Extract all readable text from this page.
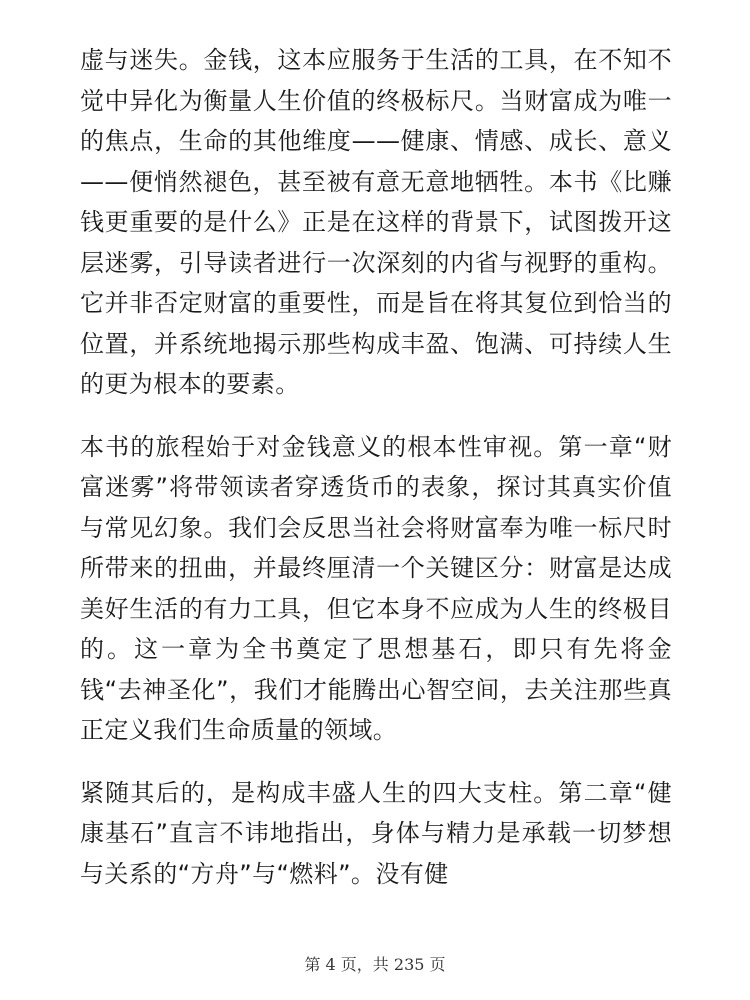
虚与迷失。金钱，这本应服务于生活的工具，在不知不觉中异化为衡量人生价值的终极标尺。当财富成为唯一的焦点，生命的其他维度——健康、情感、成长、意义——便悄然褪色，甚至被有意无意地牺牲。本书《比赚钱更重要的是什么》正是在这样的背景下，试图拨开这层迷雾，引导读者进行一次深刻的内省与视野的重构。它并非否定财富的重要性，而是旨在将其复位到恰当的位置，并系统地揭示那些构成丰盈、饱满、可持续人生的更为根本的要素。

本书的旅程始于对金钱意义的根本性审视。第一章“财富迷雾”将带领读者穿透货币的表象，探讨其真实价值与常见幻象。我们会反思当社会将财富奉为唯一标尺时所带来的扭曲，并最终厘清一个关键区分：财富是达成美好生活的有力工具，但它本身不应成为人生的终极目的。这一章为全书奠定了思想基石，即只有先将金钱“去神圣化”，我们才能腾出心智空间，去关注那些真正定义我们生命质量的领域。

紧随其后的，是构成丰盛人生的四大支柱。第二章“健康基石”直言不讳地指出，身体与精力是承载一切梦想与关系的“方舟”与“燃料”。没有健

第 4 页，共 235 页
